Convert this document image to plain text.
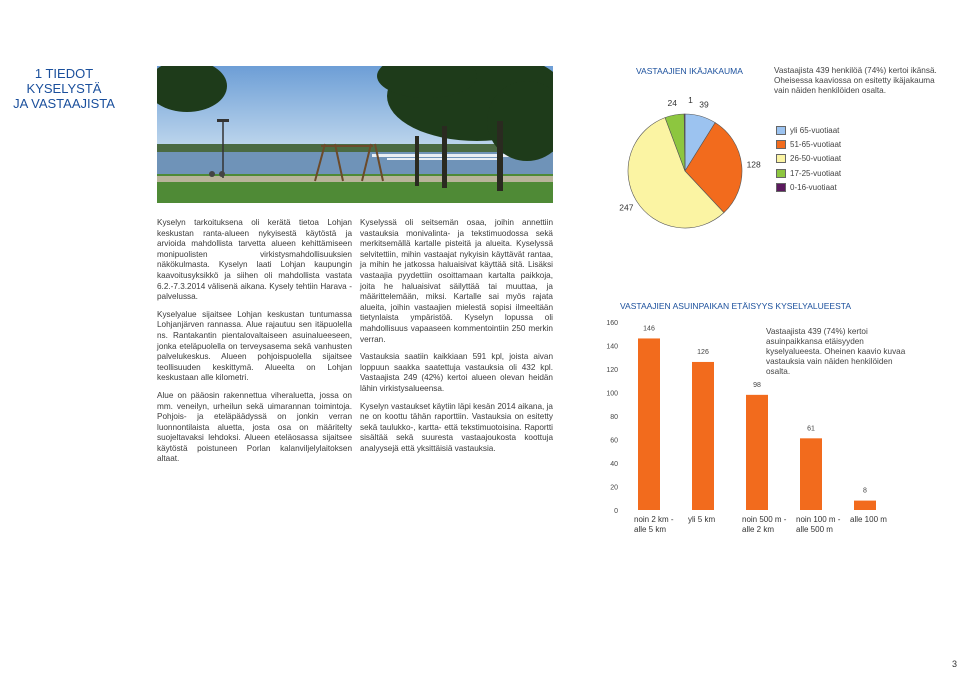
1 TIEDOT KYSELYSTÄ
JA VASTAAJISTA

Kyselyn tarkoituksena oli kerätä tietoa Lohjan keskustan ranta-alueen nykyisestä käytöstä ja arvioida mahdollista tarvetta alueen kehittämiseen monipuolisten virkistysmahdollisuuksien näkökulmasta. Kyselyn laati Lohjan kaupungin kaavoitusyksikkö ja siihen oli mahdollista vastata 6.2.-7.3.2014 välisenä aikana. Kysely tehtiin Harava -palvelussa.

Kyselyalue sijaitsee Lohjan keskustan tuntumassa Lohjanjärven rannassa. Alue rajautuu sen itäpuolella ns. Rantakantin pientalovaltaiseen asuinalueeseen, jonka eteläpuolella on terveysasema sekä vanhusten palvelukeskus. Alueen pohjoispuolella sijaitsee teollisuuden keskittymä. Alueelta on Lohjan keskustaan alle kilometri.

Alue on pääosin rakennettua viheraluetta, jossa on mm. veneilyn, urheilun sekä uimarannan toimintoja. Pohjois- ja eteläpäädyssä on jonkin verran luonnontilaista aluetta, josta osa on määritelty suojeltavaksi lehdoksi. Alueen eteläosassa sijaitsee käytöstä poistuneen Porlan kalanviljelylaitoksen altaat.

Kyselyssä oli seitsemän osaa, joihin annettiin vastauksia monivalinta- ja tekstimuodossa sekä merkitsemällä kartalle pisteitä ja alueita. Kyselyssä selvitettiin, mihin vastaajat nykyisin käyttävät rantaa, ja mihin he jatkossa haluaisivat käyttää sitä. Lisäksi vastaajia pyydettiin osoittamaan kartalta paikkoja, joita he haluaisivat säilyttää tai muuttaa, ja määrittelemään, miksi. Kartalle sai myös rajata alueita, joihin vastaajien mielestä sopisi ilmeeltään tietynlaista ympäristöä. Kyselyn lopussa oli mahdollisuus vapaaseen kommentointiin 250 merkin verran.

Vastauksia saatiin kaikkiaan 591 kpl, joista aivan loppuun saakka saatettuja vastauksia oli 432 kpl. Vastaajista 249 (42%) kertoi alueen olevan heidän lähin virkistysalueensa.

Kyselyn vastaukset käytiin läpi kesän 2014 aikana, ja ne on koottu tähän raporttiin. Vastauksia on esitetty sekä taulukko-, kartta- että tekstimuotoisina. Raportti sisältää sekä suuresta vastaajoukosta koottuja analyysejä että yksittäisiä vastauksia.

VASTAAJIEN IKÄJAKAUMA	Vastaajista 439 henkilöä (74%) kertoi ikänsä. Oheisessa kaaviossa on esitetty ikäjakauma vain näiden henkilöiden osalta.
39
128
247
24 1
yli 65-vuotiaat
51-65-vuotiaat
26-50-vuotiaat
17-25-vuotiaat
0-16-vuotiaat
VASTAAJIEN ASUINPAIKAN ETÄISYYS KYSELYALUEESTA
Vastaajista 439 (74%) kertoi asuinpaikkansa etäisyyden kyselyalueesta. Oheinen kaavio kuvaa vastauksia vain näiden henkilöiden osalta.
0
20
40
60
80
100
120
140
160
146
noin 2 km -alle 5 km
126
yli 5 km
98
noin 500 m -alle 2 km
61
noin 100 m -alle 500 m
8
alle 100 m
3
